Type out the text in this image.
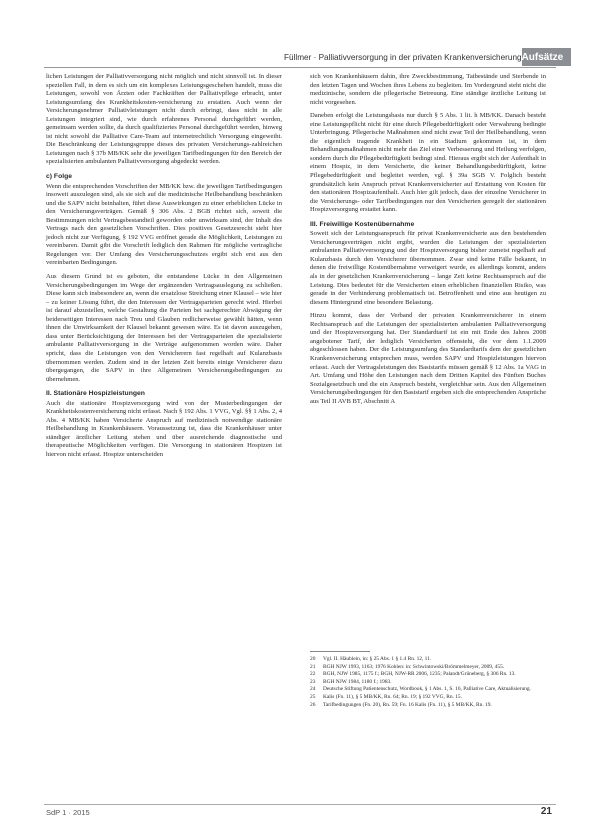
Füllmer · Palliativversorgung in der privaten Krankenversicherung Aufsätze

lichen Leistungen der Palliativversorgung nicht möglich und nicht sinnvoll ist. In dieser speziellen Fall, in dem es sich um ein komplexes Leistungsgeschehen handelt, muss die Leistungen, sowohl von Ärzten oder Fachkräften der Palliativpflege erbracht, unter Leistungsumfang des Krankheitskosten-versicherung zu erstatten. Auch wenn der Versicherungsnehmer Palliativleistungen nicht durch erbringt, dass nicht in alle Leistungen integriert sind, wie durch erfahrenes Personal durchgeführt werden, gemeinsam werden sollte, da durch qualifiziertes Personal durchgeführt werden, hinweg ist nicht sowohl die Palliative Care-Team auf internetrechtlich Versorgung eingeweiht. Die Beschränkung der Leistungsgruppe dieses des privaten Versicherungs-zahlreichen Leistungen nach § 37b MB/KK sehr die jeweiligen Tarifbedingungen für den Bereich der spezialisierten ambulanten Palliativversorgung abgedeckt werden.

c) Folge

Wenn die entsprechenden Vorschriften der MB/KK bzw. die jeweiligen Tarifbedingungen insoweit auszulegen sind, als sie sich auf die medizinische Heilbehandlung beschränken und die SAPV nicht beinhalten, führt diese Auswirkungen zu einer erheblichen Lücke in den Versicherungsverträgen. Gemäß § 306 Abs. 2 BGB richtet sich, soweit die Bestimmungen nicht Vertragsbestandteil geworden oder unwirksam sind, der Inhalt des Vertrags nach den gesetzlichen Vorschriften. Dies positives Gesetzesrecht steht hier jedoch nicht zur Verfügung, § 192 VVG eröffnet gerade die Möglichkeit, Leistungen zu vereinbaren. Damit gibt die Vorschrift lediglich den Rahmen für mögliche vertragliche Regelungen vor. Der Umfang des Versicherungsschutzes ergibt sich erst aus den vereinbarten Bedingungen.

Aus diesem Grund ist es geboten, die entstandene Lücke in den Allgemeinen Versicherungsbedingungen im Wege der ergänzenden Vertragsauslegung zu schließen. Diese kann sich insbesondere an, wenn die ersatzlose Streichung einer Klausel – wie hier – zu keiner Lösung führt, die den Interessen der Vertragsparteien gerecht wird. Hierbei ist darauf abzustellen, welche Gestaltung die Parteien bei sachgerechter Abwägung der beiderseitigen Interessen nach Treu und Glauben redlicherweise gewählt hätten, wenn ihnen die Unwirksamkeit der Klausel bekannt gewesen wäre. Es ist davon auszugehen, dass unter Berücksichtigung der Interessen bei der Vertragsparteien die spezialisierte ambulante Palliativversorgung in die Verträge aufgenommen worden wäre. Daher spricht, dass die Leistungen von den Versicherern fast regelhaft auf Kulanzbasis übernommen werden. Zudem sind in der letzten Zeit bereits einige Versicherer dazu übergegangen, die SAPV in ihre Allgemeinen Versicherungsbedingungen zu übernehmen.

II. Stationäre Hospizleistungen

Auch die stationäre Hospizversorgung wird von der Musterbedingungen der Krankheitskostenversicherung nicht erfasst. Nach § 192 Abs. 1 VVG, Vgl. §§ 1 Abs. 2, 4 Abs. 4 MB/KK haben Versicherte Anspruch auf medizinisch notwendige stationäre Heilbehandlung in Krankenhäusern. Voraussetzung ist, dass die Krankenhäuser unter ständiger ärztlicher Leitung stehen und über ausreichende diagnostische und therapeutische Möglichkeiten verfügen. Die Versorgung in stationären Hospizen ist hiervon nicht erfasst. Hospize unterscheiden

sich von Krankenhäusern dahin, ihre Zweckbestimmung, Tatbestände und Sterbende in den letzten Tagen und Wochen ihres Lebens zu begleiten. Im Vordergrund steht nicht die medizinische, sondern die pflegerische Betreuung. Eine ständige ärztliche Leitung ist nicht vorgesehen.

Daneben erfolgt die Leistungsbasis nur durch § 5 Abs. 1 lit. h MB/KK. Danach besteht eine Leistungspflicht nicht für eine durch Pflegebedürftigkeit oder Verwahrung bedingte Unterbringung. Pflegerische Maßnahmen sind nicht zwar Teil der Heilbehandlung, wenn die eigentlich tragende Krankheit in ein Stadium gekommen ist, in dem Behandlungsmaßnahmen nicht mehr das Ziel einer Verbesserung und Heilung verfolgen, sondern durch die Pflegebedürftigkeit bedingt sind. Hieraus ergibt sich der Aufenthalt in einem Hospiz, in dem Versicherte, die keiner Behandlungsbedürftigkeit, keine Pflegebedürftigkeit und begleitet werden, vgl. § 39a SGB V. Folglich besteht grundsätzlich kein Anspruch privat Krankenversicherter auf Erstattung von Kosten für den stationären Hospizaufenthalt. Auch hier gilt jedoch, dass der einzelne Versicherer in die Versicherungs- oder Tarifbedingungen nur den Versicherten geregelt der stationären Hospizversorgung erstattet kann.

III. Freiwillige Kostenübernahme

Soweit sich der Leistungsanspruch für privat Krankenversicherte aus den bestehenden Versicherungsverträgen nicht ergibt, wurden die Leistungen der spezialisierten ambulanten Palliativversorgung und der Hospizversorgung bisher zumeist regelhaft auf Kulanzbasis durch den Versicherer übernommen. Zwar sind keine Fälle bekannt, in denen die freiwillige Kostenübernahme verweigert wurde, es allerdings kommt, anders als in der gesetzlichen Krankenversicherung – lange Zeit keine Rechtsanspruch auf die Leistung. Dies bedeutet für die Versicherten einen erheblichen finanziellen Risiko, was gerade in der Verhinderung problematisch ist. Betroffenheit und eine aus heutigen zu diesem Hintergrund eine besondere Belastung.

Hinzu kommt, dass der Verband der privaten Krankenversicherer in einem Rechtsanspruch auf die Leistungen der spezialisierten ambulanten Palliativversorgung und der Hospizversorgung hat. Der Standardtarif ist ein mit Ende des Jahres 2008 angebotener Tarif, der lediglich Versicherten offensteht, die vor dem 1.1.2009 abgeschlossen haben. Der die Leistungsumfang des Standardtarifs dem der gesetzlichen Krankenversicherung entsprechen muss, werden SAPV und Hospizleistungen hiervon erfasst. Auch der Vertragsleistungen des Basistarifs müssen gemäß § 12 Abs. 1a VAG in Art. Umfang und Höhe den Leistungen nach dem Dritten Kapitel des Fünften Buches Sozialgesetzbuch und die ein Anspruch besteht, vergleichbar sein. Aus den Allgemeinen Versicherungsbedingungen für den Basistarif ergeben sich die entsprechenden Ansprüche aus Teil II AVB BT, Abschnitt A

20	Vgl. II. Häublein, in: § 25 Abs. 1 § 1.4 Rn. 12, 11.
21	BGH NJW 1993, 1163; 1976 Kohlen: in: Schwintowski/Brömmelmeyer, 2009, 455.
22	BGH, NJW 1985, 1175 f.; BGH, NJW-RR 2006, 1235; Palandt/Grüneberg, § 306 Rn. 13.
23	BGH NJW 1984, 1180 f.; 1983.
24	Deutsche Stiftung Patientenschutz, Wordbook, § 1 Abs. 1, S. 16, Palliative Care, Aktualisierung.
25	Kalis (Fn. 11), § 5 MB/KK, Rn. 64; Rn. 19; § 192 VVG, Rn. 15.
26	Tarifbedingungen (Fn. 20), Rn. 59; Fn. 16 Kalis (Fn. 11), § 5 MB/KK, Rn. 19.
SdP 1 · 2015	21
